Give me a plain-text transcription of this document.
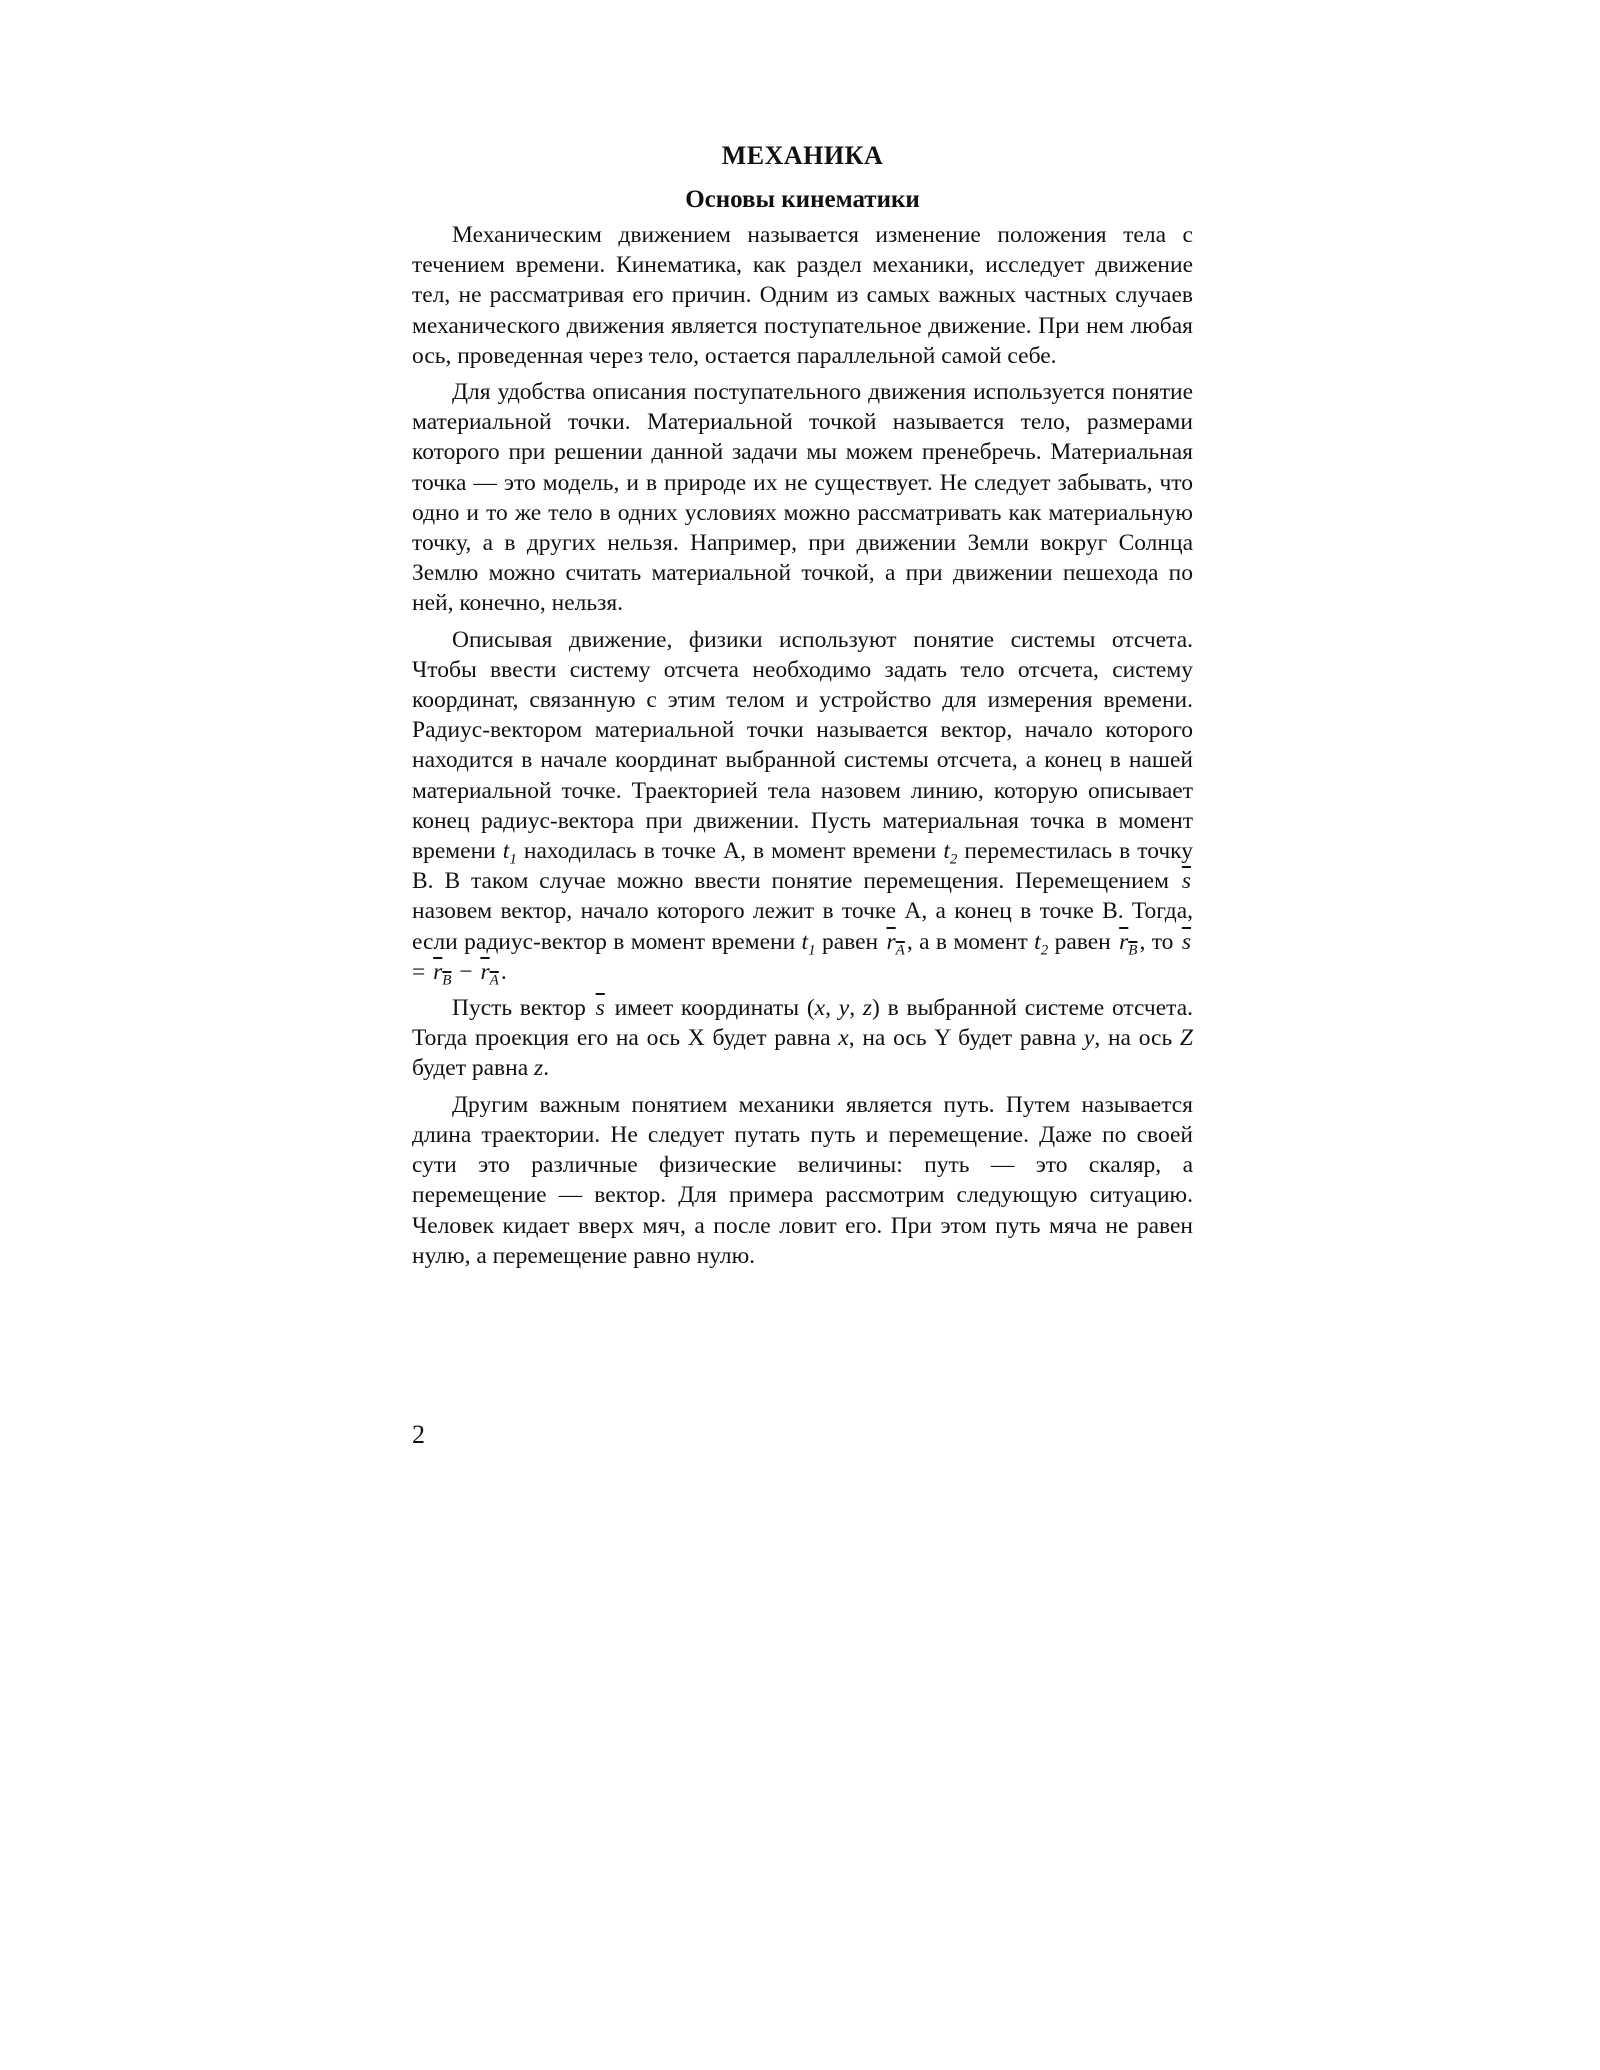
МЕХАНИКА
Основы кинематики

Механическим движением называется изменение положения тела с течением времени. Кинематика, как раздел механики, исследует движение тел, не рассматривая его причин. Одним из самых важных частных случаев механического движения является поступательное движение. При нем любая ось, проведенная через тело, остается параллельной самой себе.

Для удобства описания поступательного движения используется понятие материальной точки. Материальной точкой называется тело, размерами которого при решении данной задачи мы можем пренебречь. Материальная точка — это модель, и в природе их не существует. Не следует забывать, что одно и то же тело в одних условиях можно рассматривать как материальную точку, а в других нельзя. Например, при движении Земли вокруг Солнца Землю можно считать материальной точкой, а при движении пешехода по ней, конечно, нельзя.

Описывая движение, физики используют понятие системы отсчета. Чтобы ввести систему отсчета необходимо задать тело отсчета, систему координат, связанную с этим телом и устройство для измерения времени. Радиус-вектором материальной точки называется вектор, начало которого находится в начале координат выбранной системы отсчета, а конец в нашей материальной точке. Траекторией тела назовем линию, которую описывает конец радиус-вектора при движении. Пусть материальная точка в момент времени $t_1$ находилась в точке A, в момент времени $t_2$ переместилась в точку B. В таком случае можно ввести понятие перемещения. Перемещением $\overline{s}$ назовем вектор, начало которого лежит в точке A, а конец в точке B. Тогда, если радиус-вектор в момент времени $t_1$ равен $r_A$, а в момент $t_2$ равен $r_B$, то $\overline{s} = r_B - r_A$.

Пусть вектор $\overline{s}$ имеет координаты (x, y, z) в выбранной системе отсчета. Тогда проекция его на ось X будет равна x, на ось Y будет равна y, на ось Z будет равна z.

Другим важным понятием механики является путь. Путем называется длина траектории. Не следует путать путь и перемещение. Даже по своей сути это различные физические величины: путь — это скаляр, а перемещение — вектор. Для примера рассмотрим следующую ситуацию. Человек кидает вверх мяч, а после ловит его. При этом путь мяча не равен нулю, а перемещение равно нулю.

2
